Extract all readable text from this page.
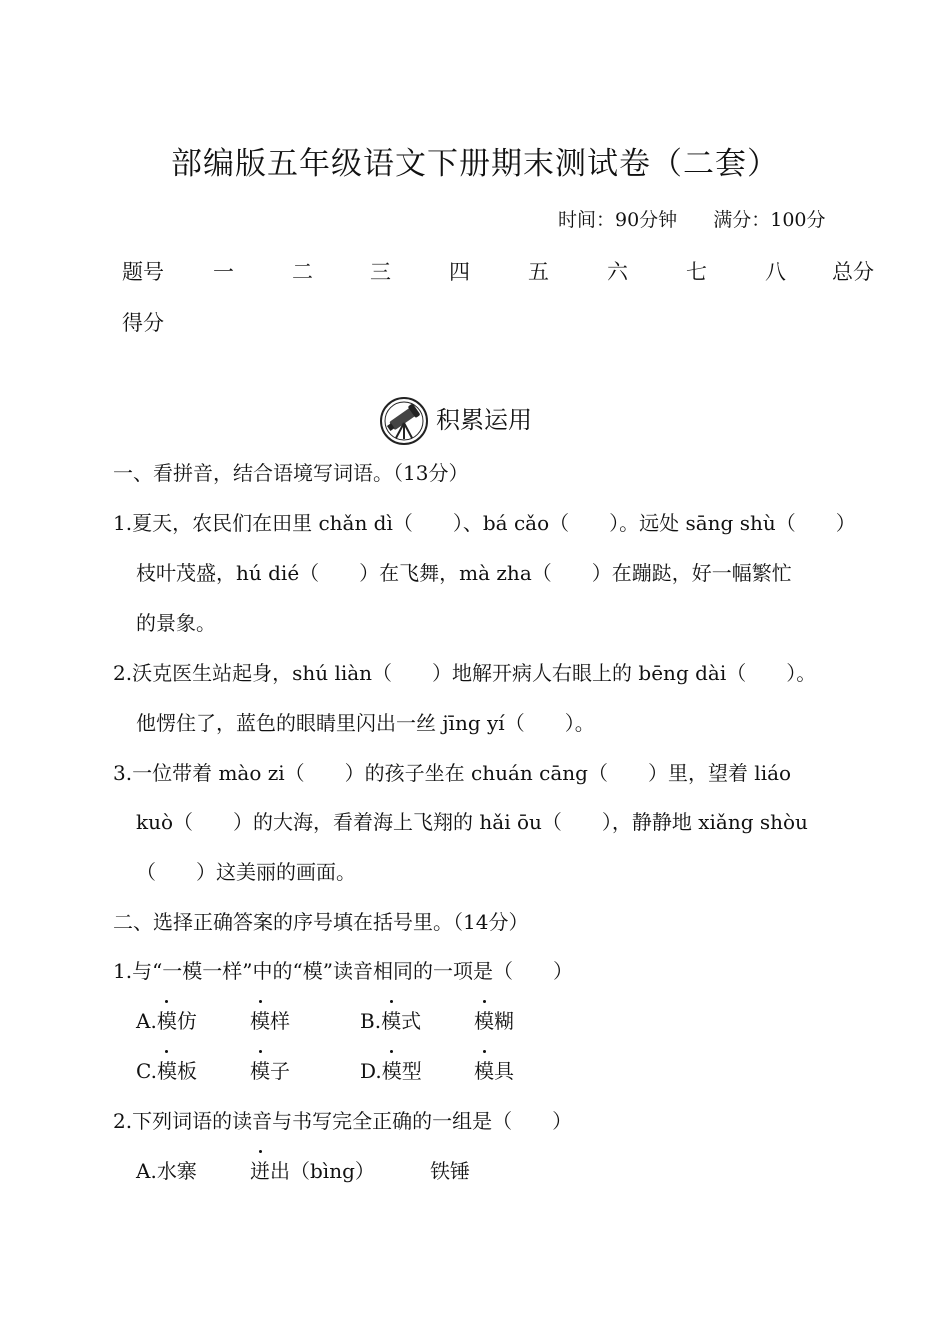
部编版五年级语文下册期末测试卷（二套）
时间：90分钟 满分：100分
题号 一	二	三	四	五	六	七	八 总分
得分
积累运用
一、看拼音，结合语境写词语。（13分）
1.夏天，农民们在田里 chǎn dì（　　）、bá cǎo（　　）。远处 sāng shù（　　）
枝叶茂盛，hú dié（　　）在飞舞，mà zha（　　）在蹦跶，好一幅繁忙
的景象。
2.沃克医生站起身，shú liàn（　　）地解开病人右眼上的 bēng dài（　　）。
他愣住了，蓝色的眼睛里闪出一丝 jīng yí（　　）。
3.一位带着 mào zi（　　）的孩子坐在 chuán cāng（　　）里，望着 liáo
kuò（　　）的大海，看着海上飞翔的 hǎi ōu（　　），静静地 xiǎng shòu
（　　）这美丽的画面。
二、选择正确答案的序号填在括号里。（14分）
1.与“一模一样”中的“模”读音相同的一项是（　　）
A.模仿	模样	B.模式	模糊
C.模板	模子	D.模型	模具
2.下列词语的读音与书写完全正确的一组是（　　）
A.水寨	迸出（bìng）	铁锤
